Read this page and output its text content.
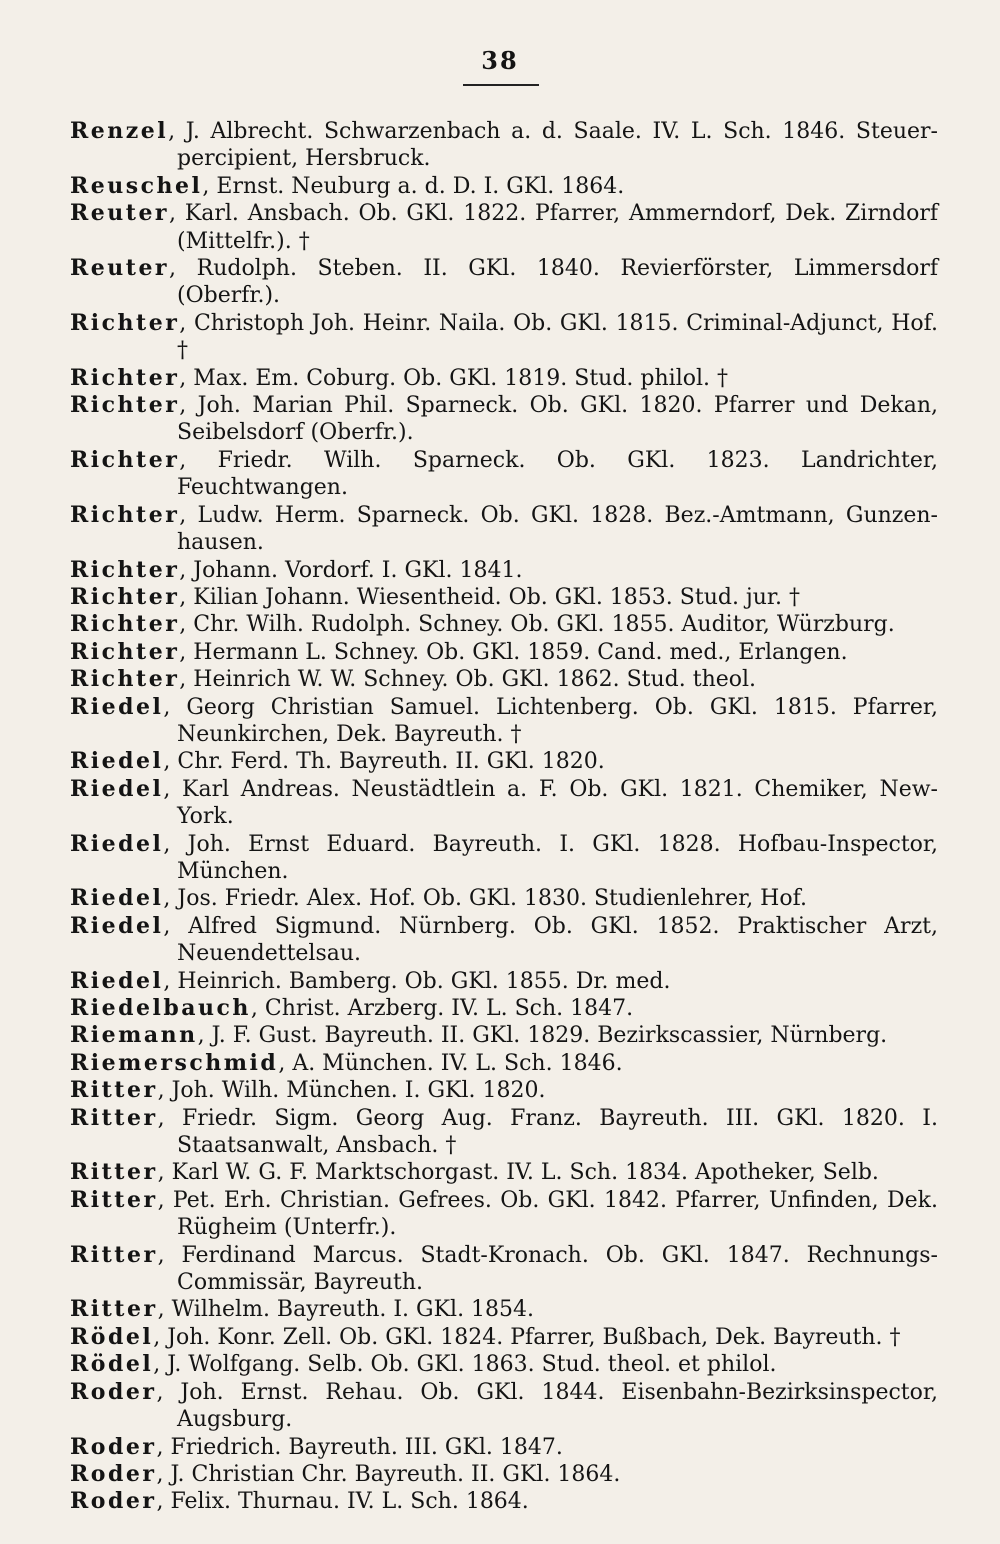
38
Renzel, J. Albrecht. Schwarzenbach a. d. Saale. IV. L. Sch. 1846. Steuer-percipient, Hersbruck.
Reuschel, Ernst. Neuburg a. d. D. I. GKl. 1864.
Reuter, Karl. Ansbach. Ob. GKl. 1822. Pfarrer, Ammerndorf, Dek. Zirndorf (Mittelfr.). †
Reuter, Rudolph. Steben. II. GKl. 1840. Revierförster, Limmersdorf (Oberfr.).
Richter, Christoph Joh. Heinr. Naila. Ob. GKl. 1815. Criminal-Adjunct, Hof. †
Richter, Max. Em. Coburg. Ob. GKl. 1819. Stud. philol. †
Richter, Joh. Marian Phil. Sparneck. Ob. GKl. 1820. Pfarrer und Dekan, Seibelsdorf (Oberfr.).
Richter, Friedr. Wilh. Sparneck. Ob. GKl. 1823. Landrichter, Feuchtwangen.
Richter, Ludw. Herm. Sparneck. Ob. GKl. 1828. Bez.-Amtmann, Gunzen-hausen.
Richter, Johann. Vordorf. I. GKl. 1841.
Richter, Kilian Johann. Wiesentheid. Ob. GKl. 1853. Stud. jur. †
Richter, Chr. Wilh. Rudolph. Schney. Ob. GKl. 1855. Auditor, Würzburg.
Richter, Hermann L. Schney. Ob. GKl. 1859. Cand. med., Erlangen.
Richter, Heinrich W. W. Schney. Ob. GKl. 1862. Stud. theol.
Riedel, Georg Christian Samuel. Lichtenberg. Ob. GKl. 1815. Pfarrer, Neunkirchen, Dek. Bayreuth. †
Riedel, Chr. Ferd. Th. Bayreuth. II. GKl. 1820.
Riedel, Karl Andreas. Neustädtlein a. F. Ob. GKl. 1821. Chemiker, New-York.
Riedel, Joh. Ernst Eduard. Bayreuth. I. GKl. 1828. Hofbau-Inspector, München.
Riedel, Jos. Friedr. Alex. Hof. Ob. GKl. 1830. Studienlehrer, Hof.
Riedel, Alfred Sigmund. Nürnberg. Ob. GKl. 1852. Praktischer Arzt, Neuendettelsau.
Riedel, Heinrich. Bamberg. Ob. GKl. 1855. Dr. med.
Riedelbauch, Christ. Arzberg. IV. L. Sch. 1847.
Riemann, J. F. Gust. Bayreuth. II. GKl. 1829. Bezirkscassier, Nürnberg.
Riemerschmid, A. München. IV. L. Sch. 1846.
Ritter, Joh. Wilh. München. I. GKl. 1820.
Ritter, Friedr. Sigm. Georg Aug. Franz. Bayreuth. III. GKl. 1820. I. Staatsanwalt, Ansbach. †
Ritter, Karl W. G. F. Marktschorgast. IV. L. Sch. 1834. Apotheker, Selb.
Ritter, Pet. Erh. Christian. Gefrees. Ob. GKl. 1842. Pfarrer, Unfinden, Dek. Rügheim (Unterfr.).
Ritter, Ferdinand Marcus. Stadt-Kronach. Ob. GKl. 1847. Rechnungs-Commissär, Bayreuth.
Ritter, Wilhelm. Bayreuth. I. GKl. 1854.
Rödel, Joh. Konr. Zell. Ob. GKl. 1824. Pfarrer, Bußbach, Dek. Bayreuth. †
Rödel, J. Wolfgang. Selb. Ob. GKl. 1863. Stud. theol. et philol.
Roder, Joh. Ernst. Rehau. Ob. GKl. 1844. Eisenbahn-Bezirksinspector, Augsburg.
Roder, Friedrich. Bayreuth. III. GKl. 1847.
Roder, J. Christian Chr. Bayreuth. II. GKl. 1864.
Roder, Felix. Thurnau. IV. L. Sch. 1864.
